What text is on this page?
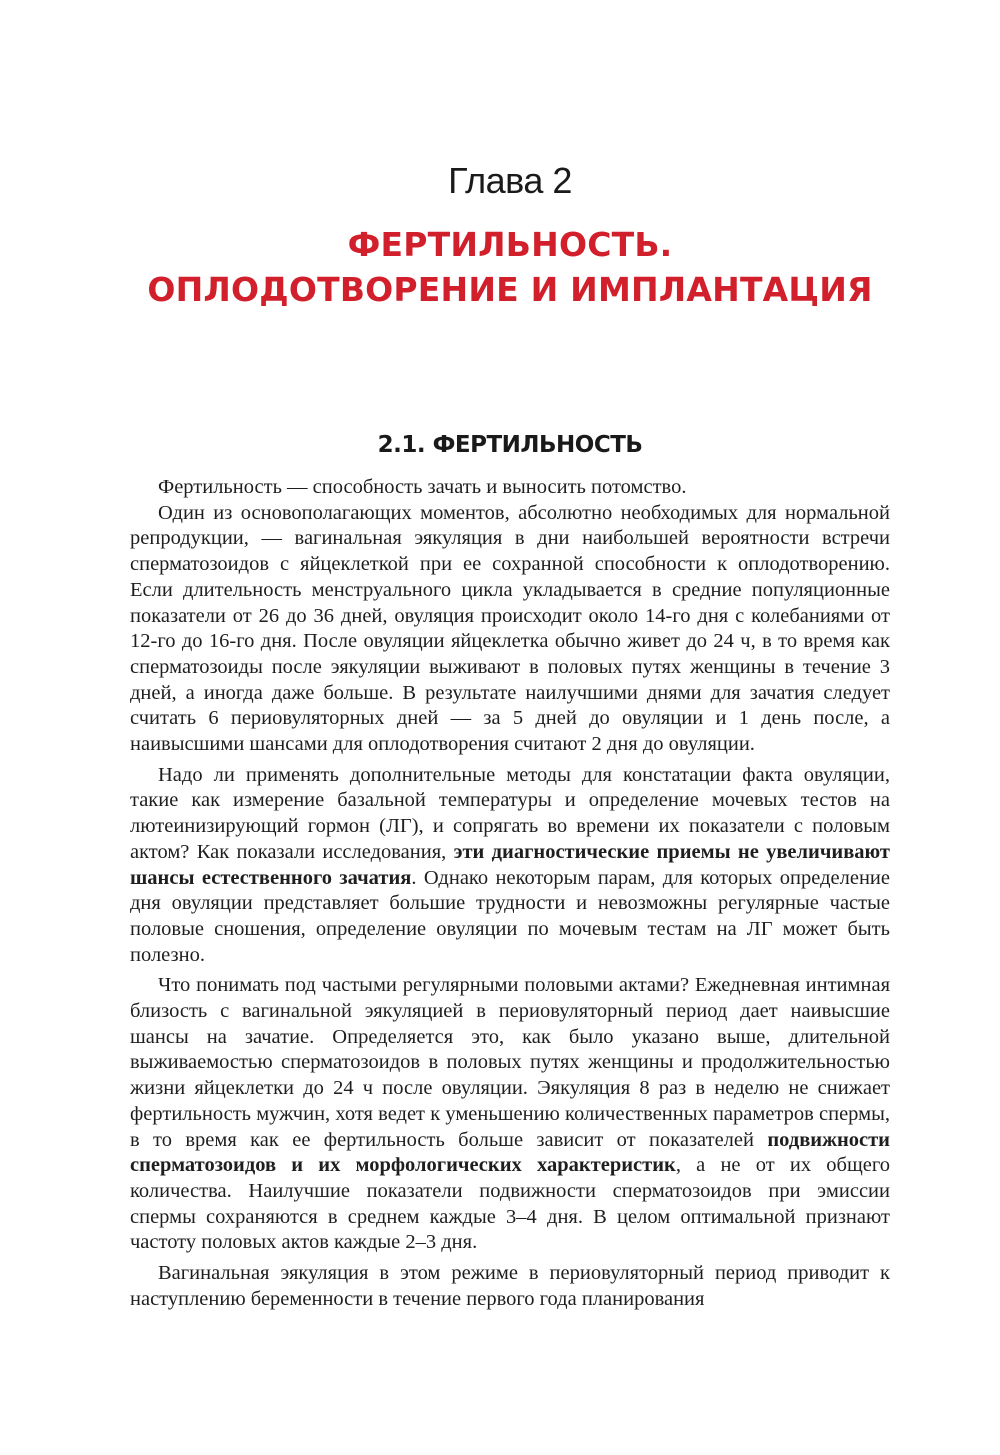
Глава 2
ФЕРТИЛЬНОСТЬ.
ОПЛОДОТВОРЕНИЕ И ИМПЛАНТАЦИЯ
2.1. ФЕРТИЛЬНОСТЬ

Фертильность — способность зачать и выносить потомство.

Один из основополагающих моментов, абсолютно необходимых для нормальной репродукции, — вагинальная эякуляция в дни наибольшей вероятности встречи сперматозоидов с яйцеклеткой при ее сохранной способности к оплодотворению. Если длительность менструального цикла укладывается в средние популяционные показатели от 26 до 36 дней, овуляция происходит около 14-го дня с колебаниями от 12-го до 16-го дня. После овуляции яйцеклетка обычно живет до 24 ч, в то время как сперматозоиды после эякуляции выживают в половых путях женщины в течение 3 дней, а иногда даже больше. В результате наилучшими днями для зачатия следует считать 6 периовуляторных дней — за 5 дней до овуляции и 1 день после, а наивысшими шансами для оплодотворения считают 2 дня до овуляции.

Надо ли применять дополнительные методы для констатации факта овуляции, такие как измерение базальной температуры и определение мочевых тестов на лютеинизирующий гормон (ЛГ), и сопрягать во времени их показатели с половым актом? Как показали исследования, эти диагностические приемы не увеличивают шансы естественного зачатия. Однако некоторым парам, для которых определение дня овуляции представляет большие трудности и невозможны регулярные частые половые сношения, определение овуляции по мочевым тестам на ЛГ может быть полезно.

Что понимать под частыми регулярными половыми актами? Ежедневная интимная близость с вагинальной эякуляцией в периовуляторный период дает наивысшие шансы на зачатие. Определяется это, как было указано выше, длительной выживаемостью сперматозоидов в половых путях женщины и продолжительностью жизни яйцеклетки до 24 ч после овуляции. Эякуляция 8 раз в неделю не снижает фертильность мужчин, хотя ведет к уменьшению количественных параметров спермы, в то время как ее фертильность больше зависит от показателей подвижности сперматозоидов и их морфологических характеристик, а не от их общего количества. Наилучшие показатели подвижности сперматозоидов при эмиссии спермы сохраняются в среднем каждые 3–4 дня. В целом оптимальной признают частоту половых актов каждые 2–3 дня.

Вагинальная эякуляция в этом режиме в периовуляторный период приводит к наступлению беременности в течение первого года планирования
